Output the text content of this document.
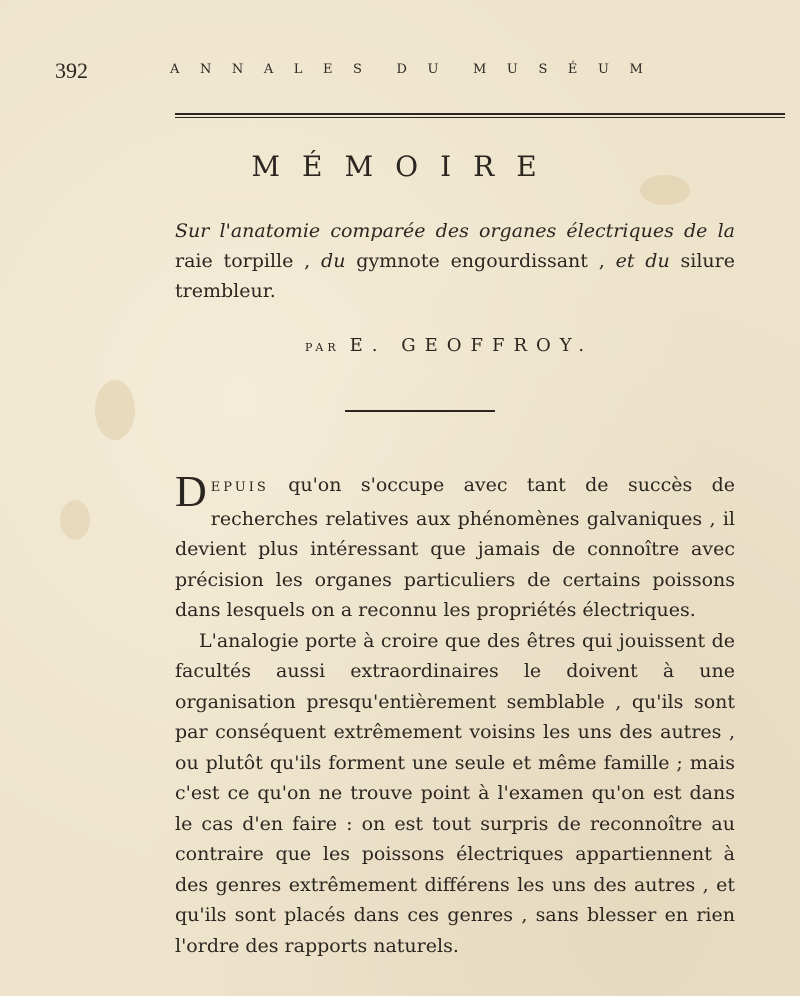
392	A N N A L E S D U M U S É U M
MÉMOIRE
Sur l'anatomie comparée des organes électriques de la raie torpille , du gymnote engourdissant , et du silure trembleur.
PAR E. GEOFFROY.

DEPUIS qu'on s'occupe avec tant de succès de recherches relatives aux phénomènes galvaniques , il devient plus intéressant que jamais de connoître avec précision les organes particuliers de certains poissons dans lesquels on a reconnu les propriétés électriques.

L'analogie porte à croire que des êtres qui jouissent de facultés aussi extraordinaires le doivent à une organisation presqu'entièrement semblable , qu'ils sont par conséquent extrêmement voisins les uns des autres , ou plutôt qu'ils forment une seule et même famille ; mais c'est ce qu'on ne trouve point à l'examen qu'on est dans le cas d'en faire : on est tout surpris de reconnoître au contraire que les poissons électriques appartiennent à des genres extrêmement différens les uns des autres , et qu'ils sont placés dans ces genres , sans blesser en rien l'ordre des rapports naturels.
